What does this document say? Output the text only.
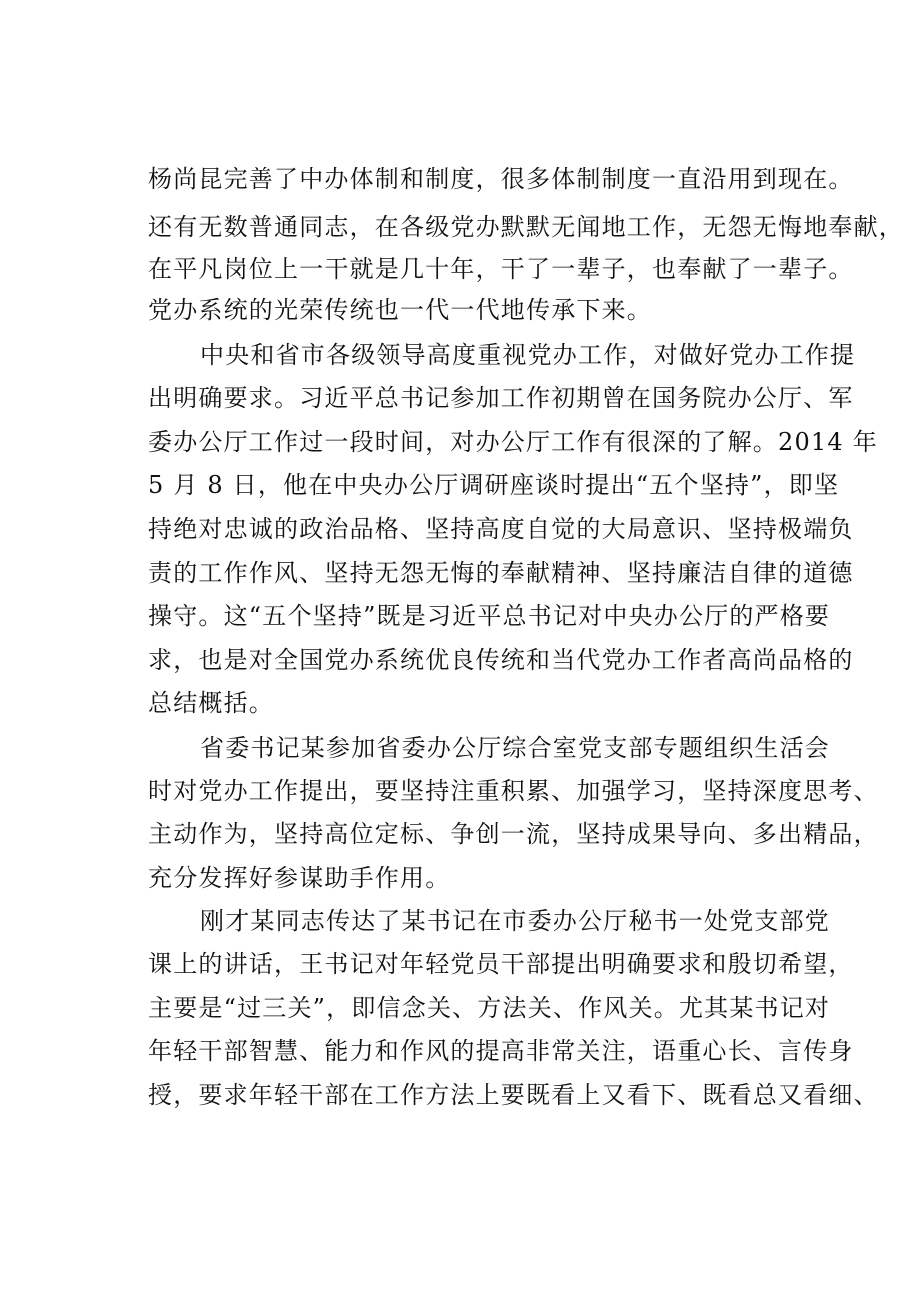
杨尚昆完善了中办体制和制度，很多体制制度一直沿用到现在。
还有无数普通同志，在各级党办默默无闻地工作，无怨无悔地奉献，
在平凡岗位上一干就是几十年，干了一辈子，也奉献了一辈子。
党办系统的光荣传统也一代一代地传承下来。
中央和省市各级领导高度重视党办工作，对做好党办工作提
出明确要求。习近平总书记参加工作初期曾在国务院办公厅、军
委办公厅工作过一段时间，对办公厅工作有很深的了解。2014 年
5 月 8 日，他在中央办公厅调研座谈时提出“五个坚持”，即坚
持绝对忠诚的政治品格、坚持高度自觉的大局意识、坚持极端负
责的工作作风、坚持无怨无悔的奉献精神、坚持廉洁自律的道德
操守。这“五个坚持”既是习近平总书记对中央办公厅的严格要
求，也是对全国党办系统优良传统和当代党办工作者高尚品格的
总结概括。
省委书记某参加省委办公厅综合室党支部专题组织生活会
时对党办工作提出，要坚持注重积累、加强学习，坚持深度思考、
主动作为，坚持高位定标、争创一流，坚持成果导向、多出精品，
充分发挥好参谋助手作用。
刚才某同志传达了某书记在市委办公厅秘书一处党支部党
课上的讲话，王书记对年轻党员干部提出明确要求和殷切希望，
主要是“过三关”，即信念关、方法关、作风关。尤其某书记对
年轻干部智慧、能力和作风的提高非常关注，语重心长、言传身
授，要求年轻干部在工作方法上要既看上又看下、既看总又看细、
